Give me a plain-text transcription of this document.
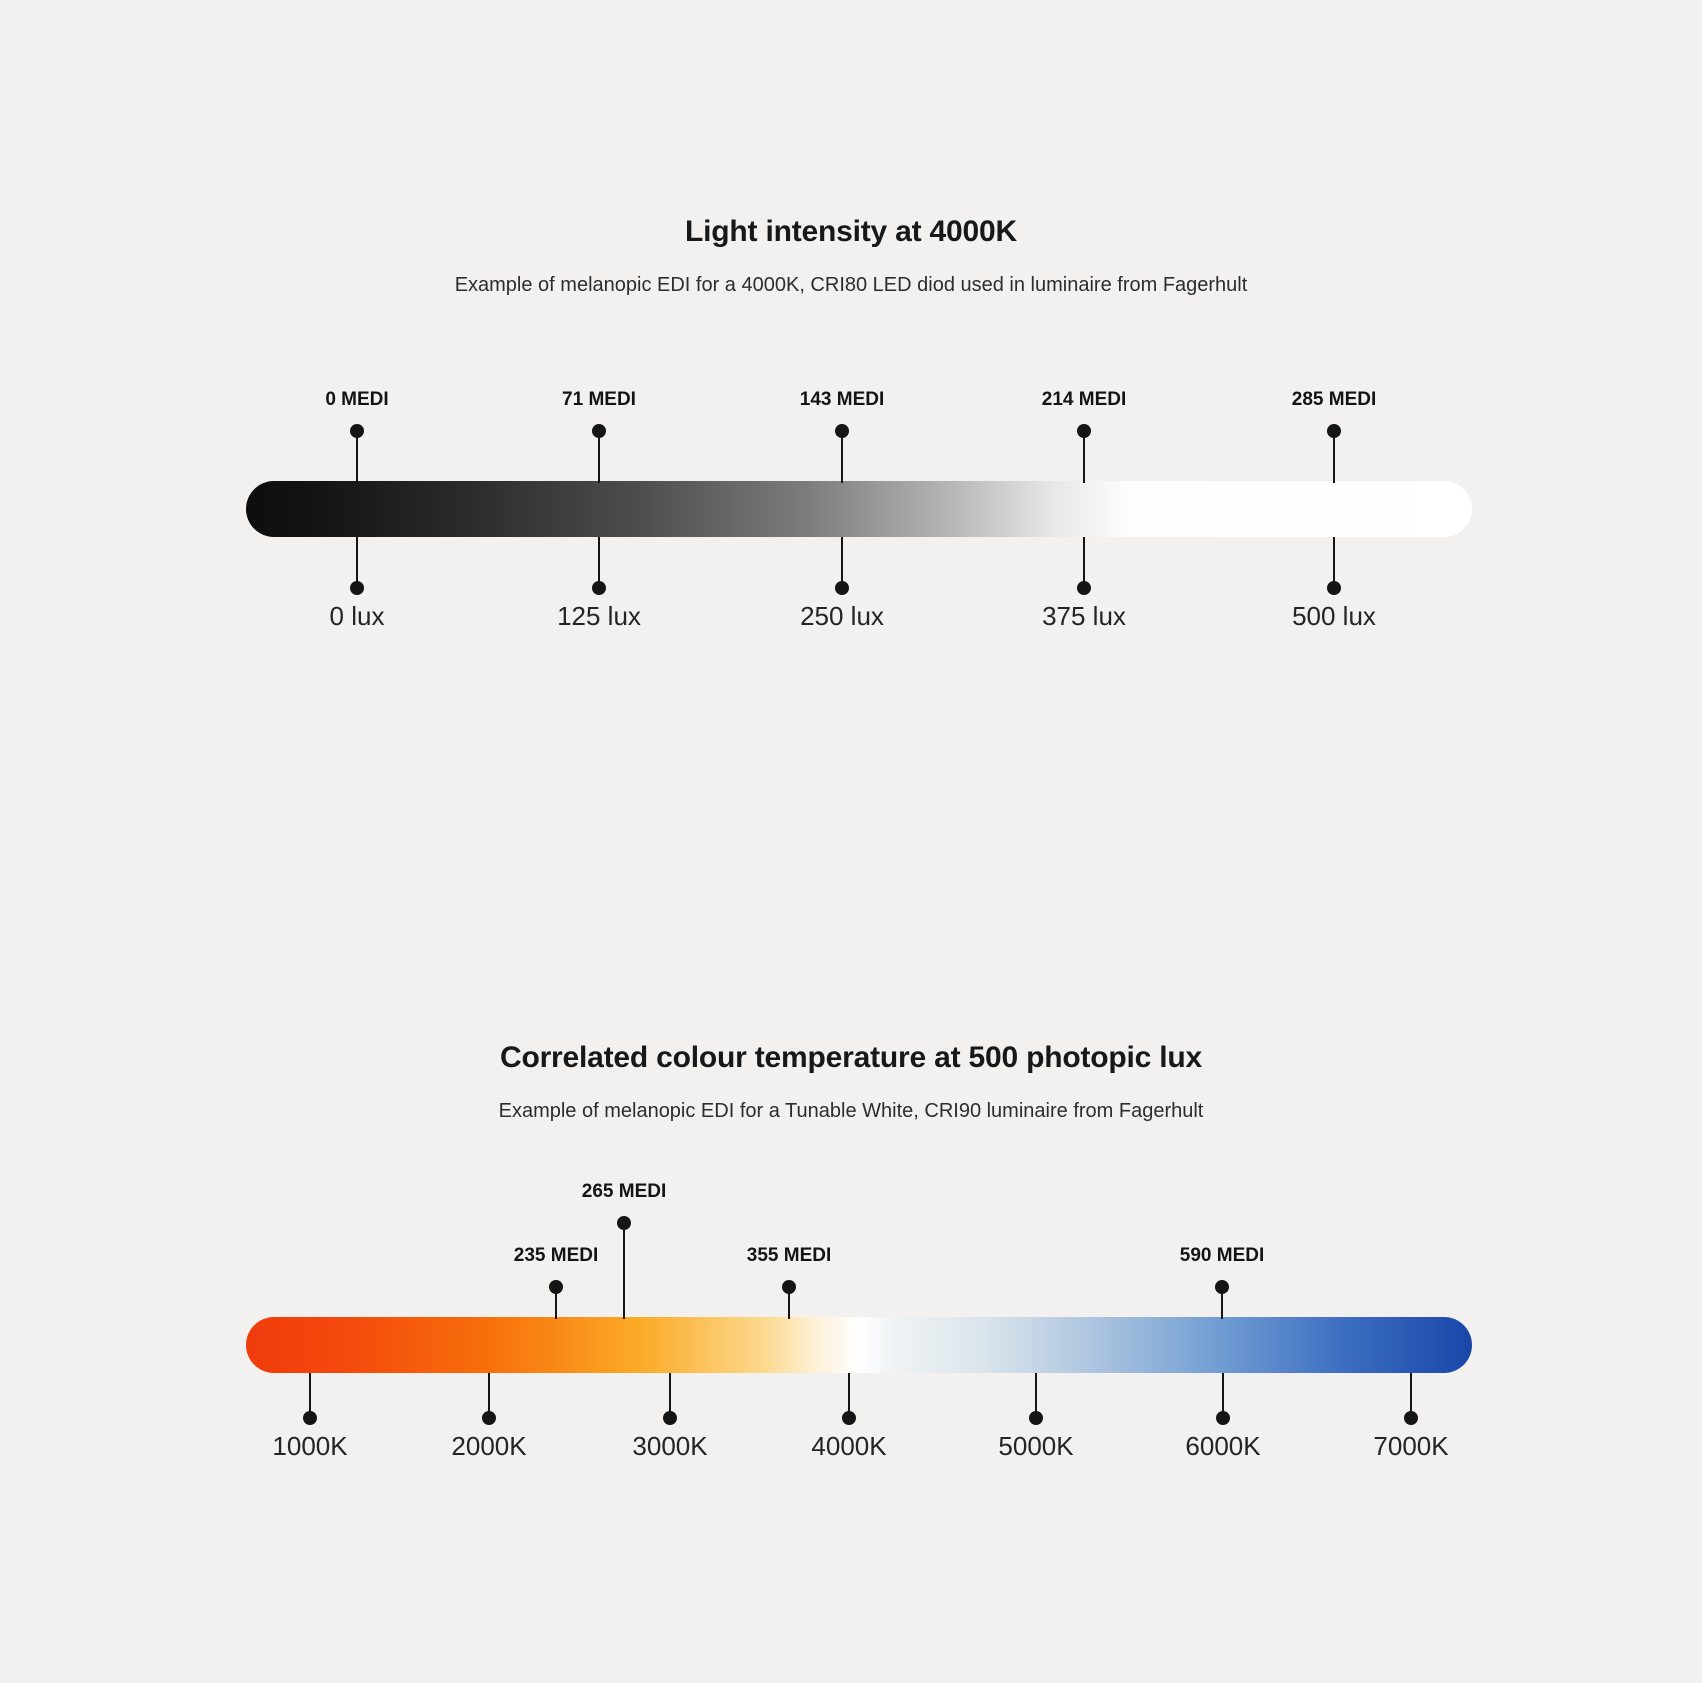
Light intensity at 4000K

Example of melanopic EDI for a 4000K, CRI80 LED diod used in luminaire from Fagerhult

0 MEDI	71 MEDI	143 MEDI	214 MEDI	285 MEDI
0 lux	125 lux	250 lux	375 lux	500 lux
Correlated colour temperature at 500 photopic lux

Example of melanopic EDI for a Tunable White, CRI90 luminaire from Fagerhult

235 MEDI
265 MEDI
355 MEDI	590 MEDI
1000K	2000K	3000K	4000K	5000K	6000K	7000K
